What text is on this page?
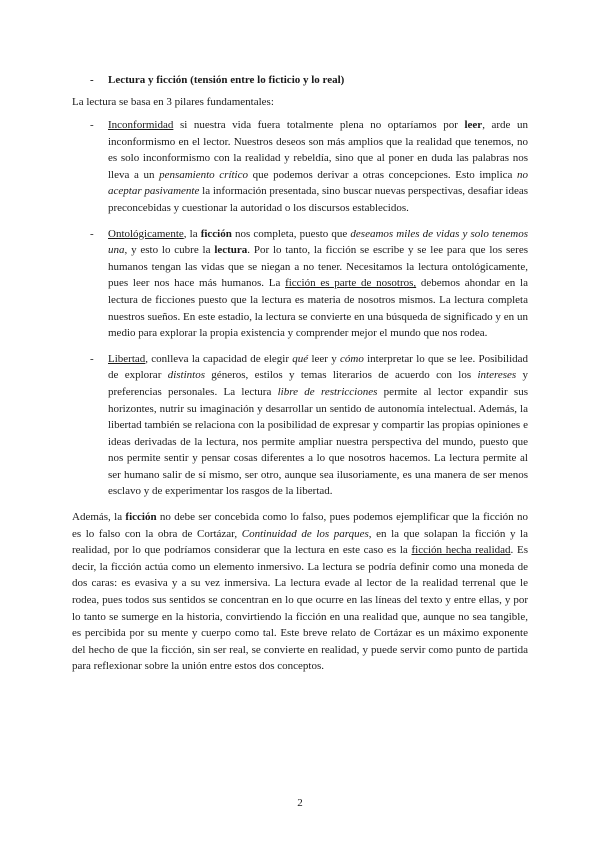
- Lectura y ficción (tensión entre lo ficticio y lo real)

La lectura se basa en 3 pilares fundamentales:

- Inconformidad si nuestra vida fuera totalmente plena no optaríamos por leer, arde un inconformismo en el lector. Nuestros deseos son más amplios que la realidad que tenemos, no es solo inconformismo con la realidad y rebeldía, sino que al poner en duda las palabras nos lleva a un pensamiento crítico que podemos derivar a otras concepciones. Esto implica no aceptar pasivamente la información presentada, sino buscar nuevas perspectivas, desafiar ideas preconcebidas y cuestionar la autoridad o los discursos establecidos.
- Ontológicamente, la ficción nos completa, puesto que deseamos miles de vidas y solo tenemos una, y esto lo cubre la lectura. Por lo tanto, la ficción se escribe y se lee para que los seres humanos tengan las vidas que se niegan a no tener. Necesitamos la lectura ontológicamente, pues leer nos hace más humanos. La ficción es parte de nosotros, debemos ahondar en la lectura de ficciones puesto que la lectura es materia de nosotros mismos. La lectura completa nuestros sueños. En este estadio, la lectura se convierte en una búsqueda de significado y en un medio para explorar la propia existencia y comprender mejor el mundo que nos rodea.
- Libertad, conlleva la capacidad de elegir qué leer y cómo interpretar lo que se lee. Posibilidad de explorar distintos géneros, estilos y temas literarios de acuerdo con los intereses y preferencias personales. La lectura libre de restricciones permite al lector expandir sus horizontes, nutrir su imaginación y desarrollar un sentido de autonomía intelectual. Además, la libertad también se relaciona con la posibilidad de expresar y compartir las propias opiniones e ideas derivadas de la lectura, nos permite ampliar nuestra perspectiva del mundo, puesto que nos permite sentir y pensar cosas diferentes a lo que nosotros hacemos. La lectura permite al ser humano salir de sí mismo, ser otro, aunque sea ilusoriamente, es una manera de ser menos esclavo y de experimentar los rasgos de la libertad.

Además, la ficción no debe ser concebida como lo falso, pues podemos ejemplificar que la ficción no es lo falso con la obra de Cortázar, Continuidad de los parques, en la que solapan la ficción y la realidad, por lo que podríamos considerar que la lectura en este caso es la ficción hecha realidad. Es decir, la ficción actúa como un elemento inmersivo. La lectura se podría definir como una moneda de dos caras: es evasiva y a su vez inmersiva. La lectura evade al lector de la realidad terrenal que le rodea, pues todos sus sentidos se concentran en lo que ocurre en las líneas del texto y entre ellas, y por lo tanto se sumerge en la historia, convirtiendo la ficción en una realidad que, aunque no sea tangible, es percibida por su mente y cuerpo como tal. Este breve relato de Cortázar es un máximo exponente del hecho de que la ficción, sin ser real, se convierte en realidad, y puede servir como punto de partida para reflexionar sobre la unión entre estos dos conceptos.

2
